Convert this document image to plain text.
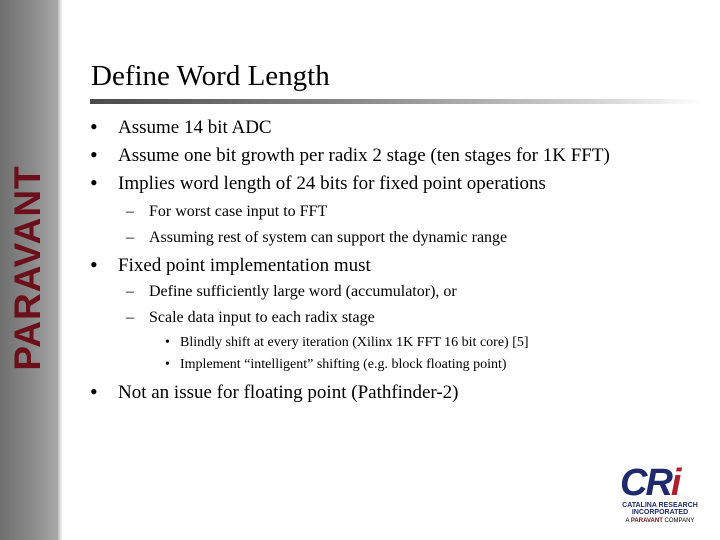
PARAVANT
Define Word Length
• Assume 14 bit ADC
• Assume one bit growth per radix 2 stage (ten stages for 1K FFT)
• Implies word length of 24 bits for fixed point operations
– For worst case input to FFT
– Assuming rest of system can support the dynamic range
• Fixed point implementation must
– Define sufficiently large word (accumulator), or
– Scale data input to each radix stage
• Blindly shift at every iteration (Xilinx 1K FFT 16 bit core) [5]
• Implement “intelligent” shifting (e.g. block floating point)
• Not an issue for floating point (Pathfinder-2)
CRi
CATALINA RESEARCH
INCORPORATED
A PARAVANT COMPANY
